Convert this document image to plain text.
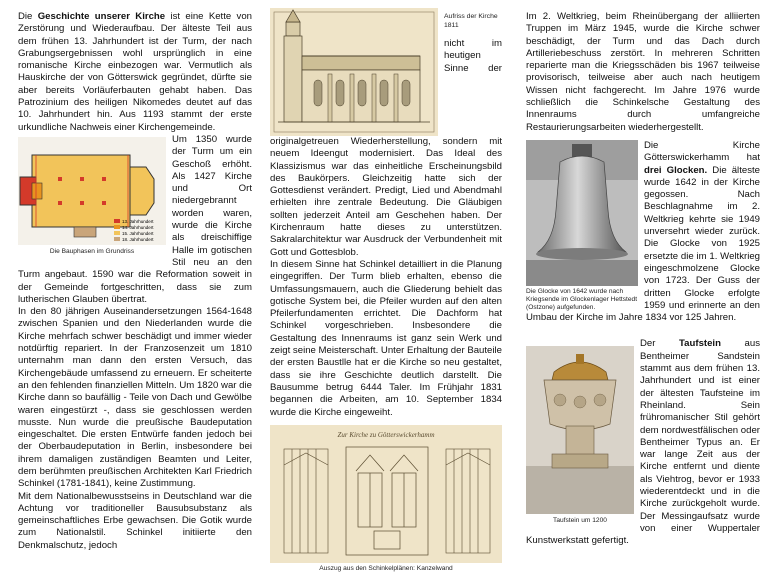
Die Geschichte unserer Kirche ist eine Kette von Zerstörung und Wiederaufbau. Der älteste Teil aus dem frühen 13. Jahrhundert ist der Turm, der nach Grabungsergebnissen wohl ursprünglich in eine romanische Kirche einbezogen war. Vermutlich als Hauskirche der von Götterswick gegründet, dürfte sie aber bereits Vorläuferbauten gehabt haben. Das Patrozinium des heiligen Nikomedes deutet auf das 10. Jahrhundert hin. Aus 1193 stammt der erste urkundliche Nachweis einer Kirchengemeinde.

13. Jahrhundert
14. Jahrhundert
15. Jahrhundert
18. Jahrhundert
Die Bauphasen im Grundriss

Um 1350 wurde der Turm um ein Geschoß erhöht. Als 1427 Kirche und Ort niedergebrannt worden waren, wurde die Kirche als dreischiffige Halle im gotischen Stil neu an den Turm angebaut. 1590 war die Reformation soweit in der Gemeinde fortgeschritten, dass sie zum lutherischen Glauben übertrat.

In den 80 jährigen Auseinandersetzungen 1564-1648 zwischen Spanien und den Niederlanden wurde die Kirche mehrfach schwer beschädigt und immer wieder notdürftig repariert. In der Franzosenzeit um 1810 unternahm man dann den ersten Versuch, das Kirchengebäude umfassend zu erneuern. Er scheiterte an den fehlenden finanziellen Mitteln. Um 1820 war die Kirche dann so baufällig - Teile von Dach und Gewölbe waren eingestürzt -, dass sie geschlossen werden musste. Nun wurde die preußische Baudeputation eingeschaltet. Die ersten Entwürfe fanden jedoch bei der Oberbaudeputation in Berlin, insbesondere bei ihrem damaligen zuständigen Beamten und Leiter, dem berühmten preußischen Architekten Karl Friedrich Schinkel (1781-1841), keine Zustimmung.

Mit dem Nationalbewusstseins in Deutschland war die Achtung vor traditioneller Bausubsubstanz als gemeinschaftliches Erbe gewachsen. Die Gotik wurde zum Nationalstil. Schinkel initiierte den Denkmalschutz, jedoch

Aufriss der Kirche 1811

nicht im heutigen Sinne der originalgetreuen Wiederherstellung, sondern mit neuem Ideengut modernisiert. Das Ideal des Klassizismus war das einheitliche Erscheinungsbild des Baukörpers. Gleichzeitig hatte sich der Gottesdienst verändert. Predigt, Lied und Abendmahl erhielten ihre zentrale Bedeutung. Die Gläubigen sollten jederzeit Anteil am Geschehen haben. Der Kirchenraum hatte dieses zu unterstützen. Sakralarchitektur war Ausdruck der Verbundenheit mit Gott und Gottesblob.

In diesem Sinne hat Schinkel detailliert in die Planung eingegriffen. Der Turm blieb erhalten, ebenso die Umfassungsmauern, auch die Gliederung behielt das gotische System bei, die Pfeiler wurden auf den alten Pfeilerfundamenten errichtet. Die Dachform hat Schinkel vorgeschrieben. Insbesondere die Gestaltung des Innenraums ist ganz sein Werk und zeigt seine Meisterschaft. Unter Erhaltung der Bauteile der ersten Baustlle hat er die Kirche so neu gestaltet, dass sie ihre Geschichte deutlich darstellt. Die Bausumme betrug 6444 Taler. Im Frühjahr 1831 begannen die Arbeiten, am 10. September 1834 wurde die Kirche eingeweiht.

Zur Kirche zu Götterswickerhamm
Auszug aus den Schinkelplänen: Kanzelwand

Im 2. Weltkrieg, beim Rheinübergang der alliierten Truppen im März 1945, wurde die Kirche schwer beschädigt, der Turm und das Dach durch Artilleriebeschuss zerstört. In mehreren Schritten reparierte man die Kriegsschäden bis 1967 teilweise provisorisch, teilweise aber auch nach heutigem Wissen nicht fachgerecht. Im Jahre 1976 wurde schließlich die Schinkelsche Gestaltung des Innenraums durch umfangreiche Restaurierungsarbeiten wiederhergestellt.

Die Glocke von 1642 wurde nach Kriegsende im Glockenlager Hettstedt (Ostzone) aufgefunden.

Die Kirche Götterswickerhamm hat drei Glocken. Die älteste wurde 1642 in der Kirche gegossen. Nach Beschlagnahme im 2. Weltkrieg kehrte sie 1949 unversehrt wieder zurück. Die Glocke von 1925 ersetzte die im 1. Weltkrieg eingeschmolzene Glocke von 1723. Der Guss der dritten Glocke erfolgte 1959 und erinnerte an den Umbau der Kirche im Jahre 1834 vor 125 Jahren.

Der Taufstein aus Bentheimer Sandstein stammt aus dem frühen 13. Jahrhundert und ist einer der ältesten Taufsteine im Rheinland. Sein frühromanischer Stil gehört dem nordwestfälischen oder Bentheimer Typus an. Er war lange Zeit aus der Kirche entfernt und diente als Viehtrog, bevor er 1933 wiederentdeckt und in die Kirche zurückgeholt wurde. Der Messingaufsatz wurde von einer Wuppertaler Kunstwerkstatt gefertigt.

Taufstein um 1200
